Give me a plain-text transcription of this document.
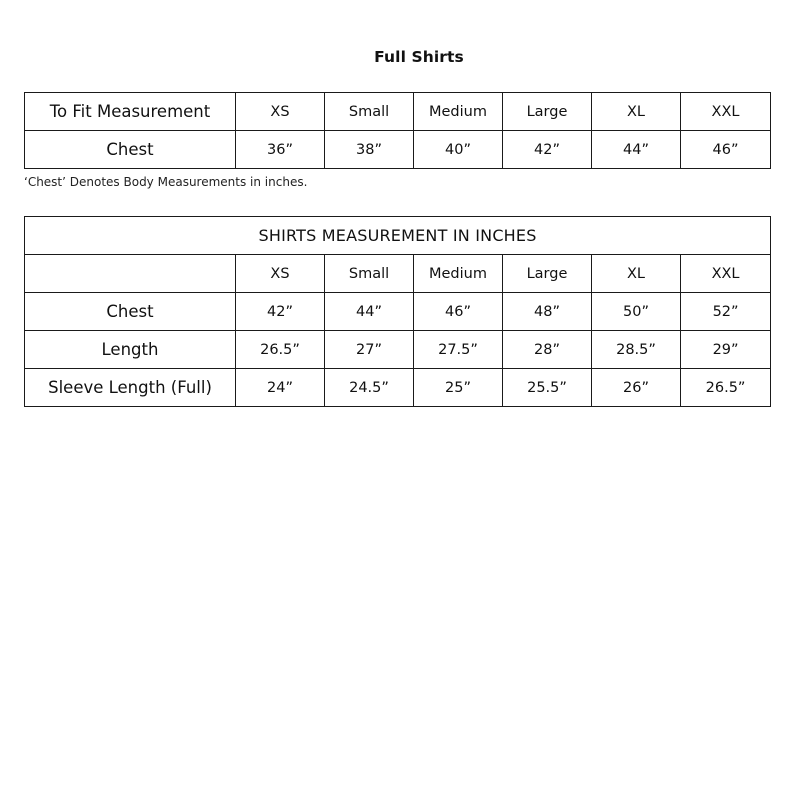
Full Shirts
To Fit Measurement	XS	Small	Medium	Large	XL	XXL
Chest	36”	38”	40”	42”	44”	46”
‘Chest’ Denotes Body Measurements in inches.
SHIRTS MEASUREMENT IN INCHES						
	XS	Small	Medium	Large	XL	XXL
Chest	42”	44”	46”	48”	50”	52”
Length	26.5”	27”	27.5”	28”	28.5”	29”
Sleeve Length (Full)	24”	24.5”	25”	25.5”	26”	26.5”
